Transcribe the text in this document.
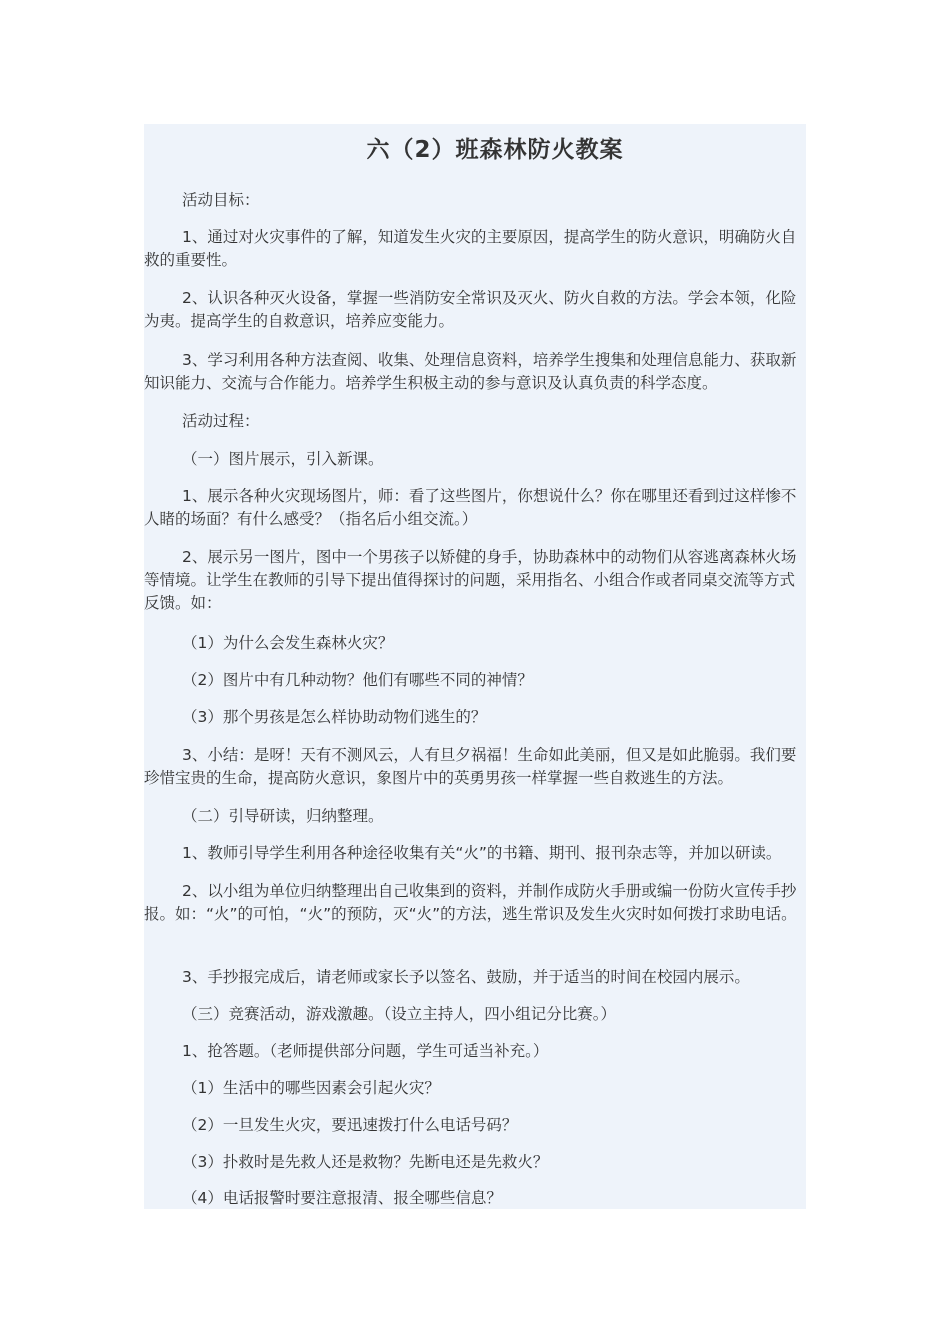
六（2）班森林防火教案

活动目标：

1、通过对火灾事件的了解，知道发生火灾的主要原因，提高学生的防火意识，明确防火自救的重要性。

2、认识各种灭火设备，掌握一些消防安全常识及灭火、防火自救的方法。学会本领，化险为夷。提高学生的自救意识，培养应变能力。

3、学习利用各种方法查阅、收集、处理信息资料，培养学生搜集和处理信息能力、获取新知识能力、交流与合作能力。培养学生积极主动的参与意识及认真负责的科学态度。

活动过程：

（一）图片展示，引入新课。

1、展示各种火灾现场图片，师：看了这些图片，你想说什么？你在哪里还看到过这样惨不人睹的场面？有什么感受？（指名后小组交流。）

2、展示另一图片，图中一个男孩子以矫健的身手，协助森林中的动物们从容逃离森林火场等情境。让学生在教师的引导下提出值得探讨的问题，采用指名、小组合作或者同桌交流等方式反馈。如：

（1）为什么会发生森林火灾？

（2）图片中有几种动物？他们有哪些不同的神情？

（3）那个男孩是怎么样协助动物们逃生的？

3、小结：是呀！天有不测风云，人有旦夕祸福！生命如此美丽，但又是如此脆弱。我们要珍惜宝贵的生命，提高防火意识，象图片中的英勇男孩一样掌握一些自救逃生的方法。

（二）引导研读，归纳整理。

1、教师引导学生利用各种途径收集有关“火”的书籍、期刊、报刊杂志等，并加以研读。

2、以小组为单位归纳整理出自己收集到的资料，并制作成防火手册或编一份防火宣传手抄报。如：“火”的可怕，“火”的预防，灭“火”的方法，逃生常识及发生火灾时如何拨打求助电话。

3、手抄报完成后，请老师或家长予以签名、鼓励，并于适当的时间在校园内展示。

（三）竞赛活动，游戏激趣。（设立主持人，四小组记分比赛。）

1、抢答题。（老师提供部分问题，学生可适当补充。）

（1）生活中的哪些因素会引起火灾？

（2）一旦发生火灾，要迅速拨打什么电话号码？

（3）扑救时是先救人还是救物？先断电还是先救火？

（4）电话报警时要注意报清、报全哪些信息？
